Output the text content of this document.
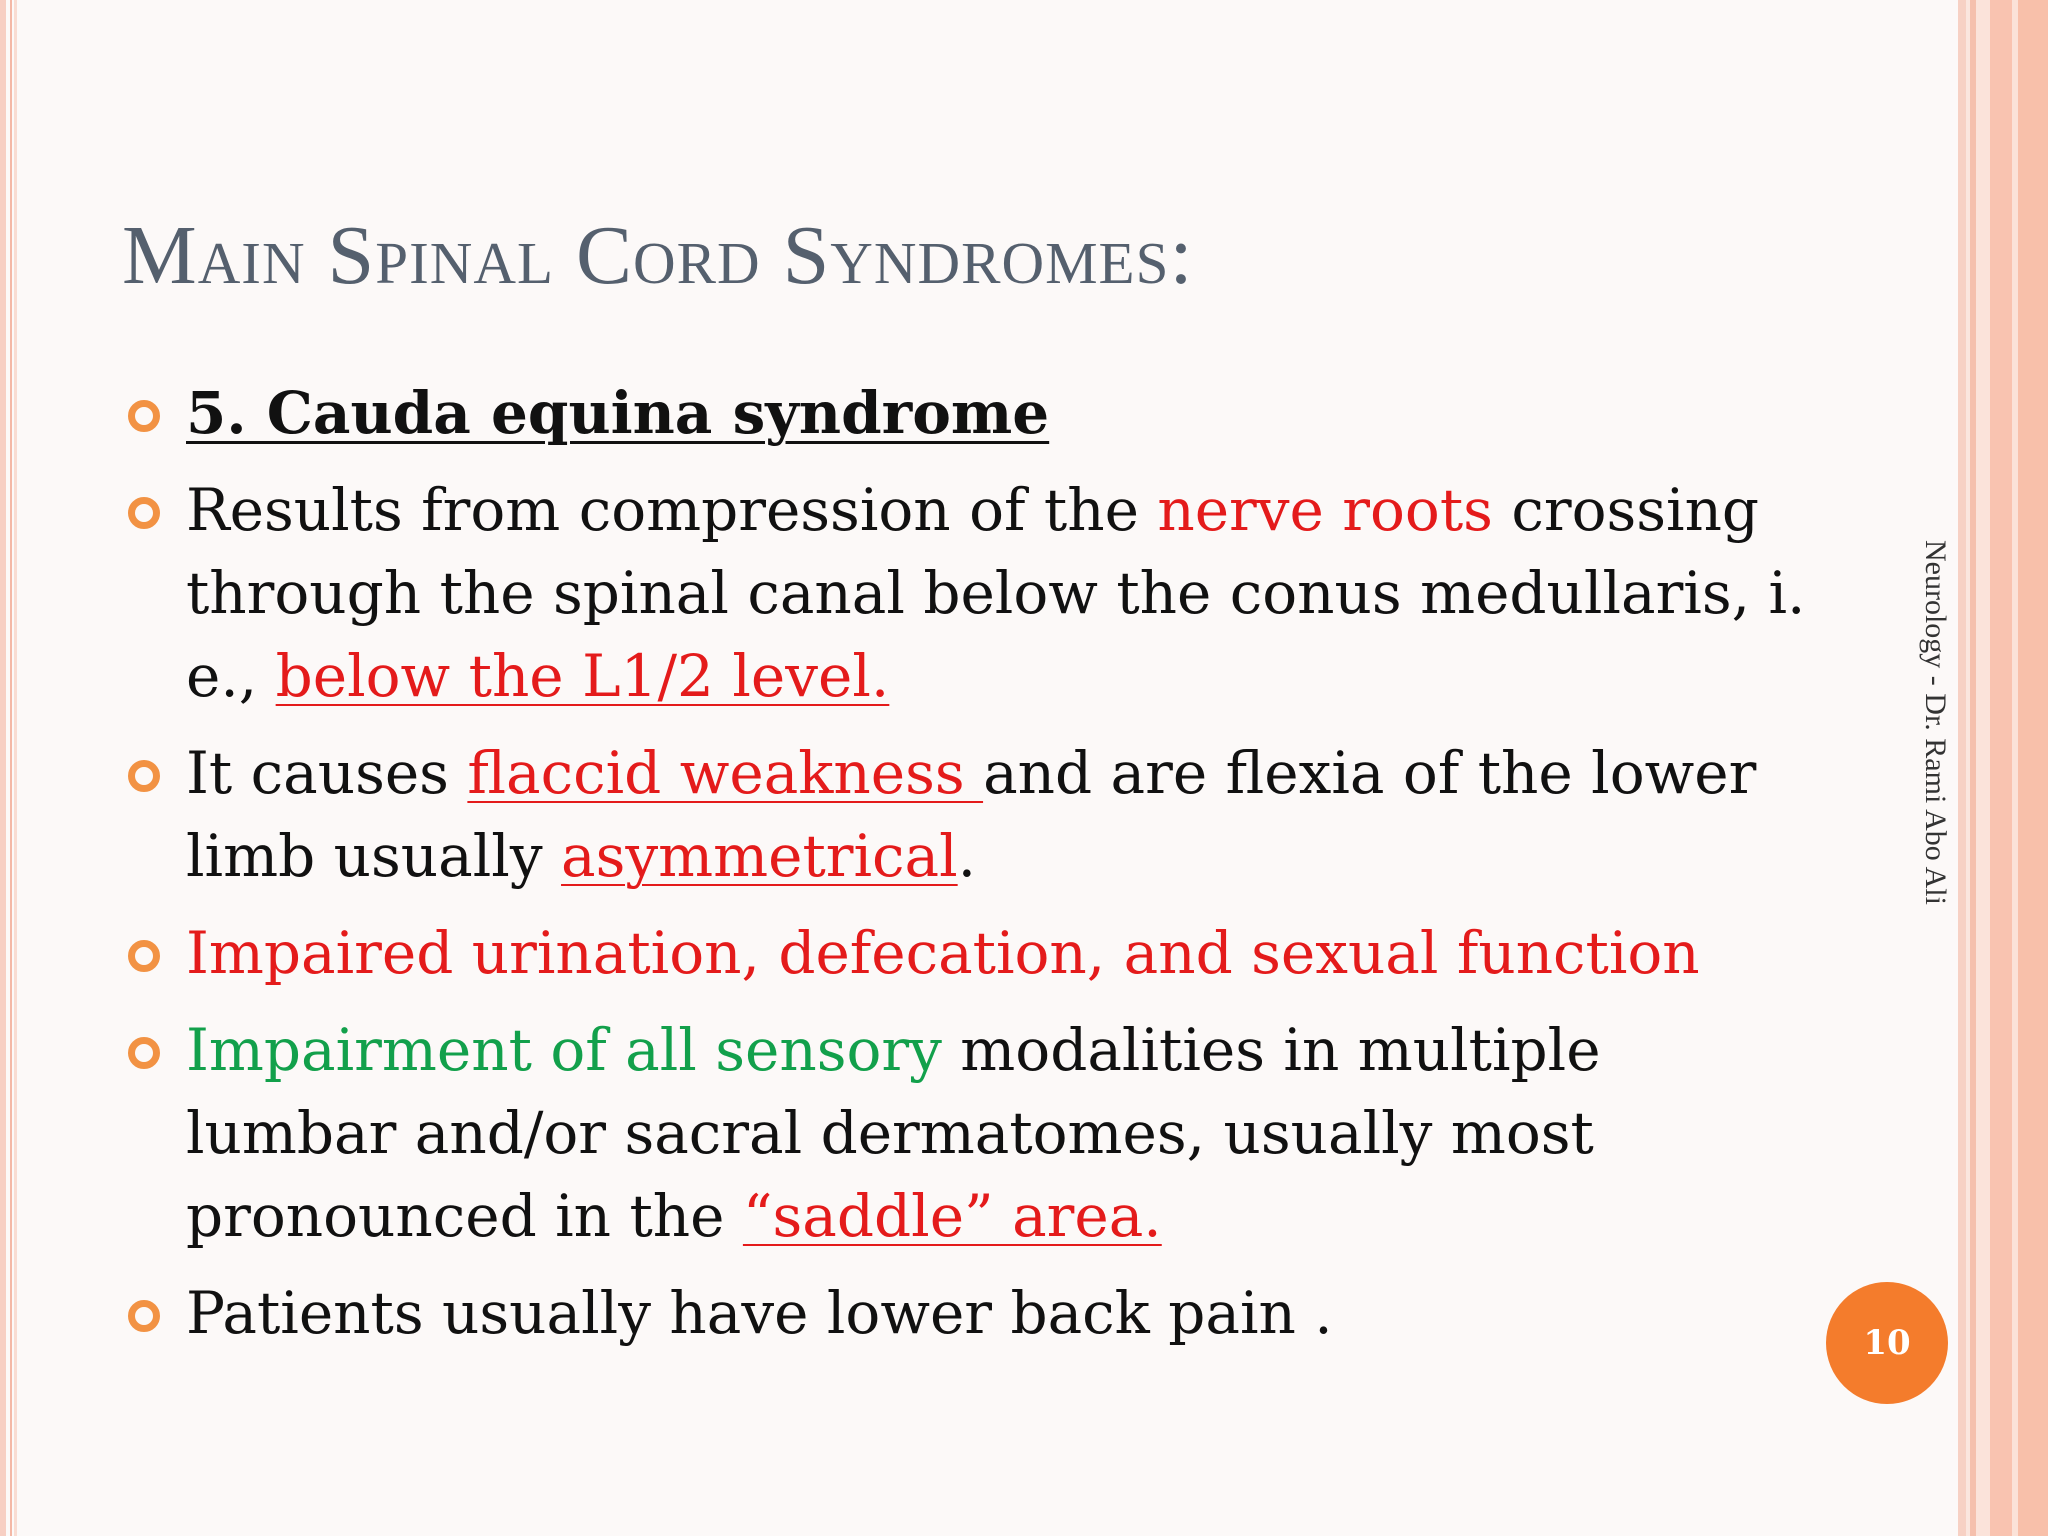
Main Spinal Cord Syndromes:
5. Cauda equina syndrome
Results from compression of the nerve roots crossing through the spinal canal below the conus medullaris, i. e., below the L1/2 level.
It causes flaccid weakness and are flexia of the lower limb usually asymmetrical.
Impaired urination, defecation, and sexual function
Impairment of all sensory modalities in multiple lumbar and/or sacral dermatomes, usually most pronounced in the “saddle” area.
Patients usually have lower back pain .
Neurology - Dr. Rami Abo Ali
10
